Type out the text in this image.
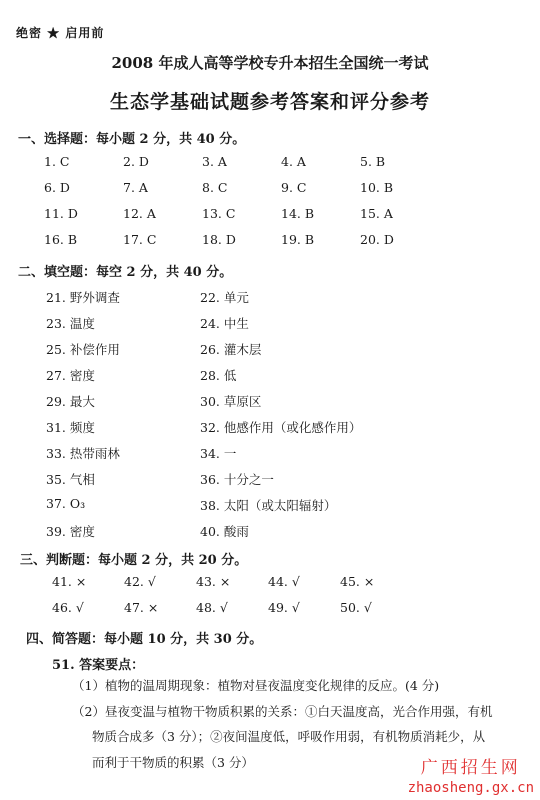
绝密 ★ 启用前
2008 年成人高等学校专升本招生全国统一考试
生态学基础试题参考答案和评分参考
一、选择题：每小题 2 分，共 40 分。
1. C	2. D	3. A	4. A	5. B
6. D	7. A	8. C	9. C	10. B
11. D	12. A	13. C	14. B	15. A
16. B	17. C	18. D	19. B	20. D
二、填空题：每空 2 分，共 40 分。
21. 野外调查	22. 单元
23. 温度	24. 中生
25. 补偿作用	26. 灌木层
27. 密度	28. 低
29. 最大	30. 草原区
31. 频度	32. 他感作用（或化感作用）
33. 热带雨林	34. 一
35. 气相	36. 十分之一
37. O₃	38. 太阳（或太阳辐射）
39. 密度	40. 酸雨
三、判断题：每小题 2 分，共 20 分。
41. ×	42. √	43. ×	44. √	45. ×
46. √	47. ×	48. √	49. √	50. √
四、简答题：每小题 10 分，共 30 分。
51. 答案要点：
（1）植物的温周期现象：植物对昼夜温度变化规律的反应。(4 分)
（2）昼夜变温与植物干物质积累的关系：①白天温度高，光合作用强，有机
物质合成多（3 分）；②夜间温度低，呼吸作用弱，有机物质消耗少，从
而利于干物质的积累（3 分）	广西招生网
zhaosheng.gx.cn
